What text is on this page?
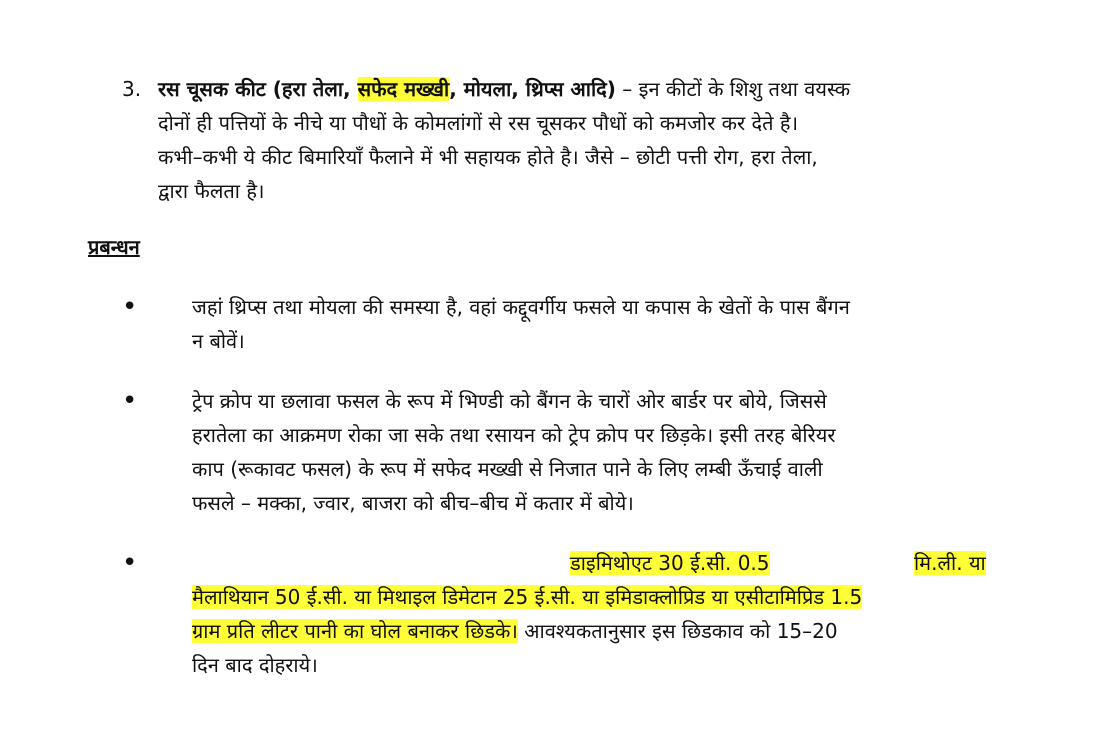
3. रस चूसक कीट (हरा तेला, सफेद मख्खी, मोयला, थ्रिप्स आदि) – इन कीटों के शिशु तथा वयस्क
दोनों ही पत्तियों के नीचे या पौधों के कोमलांगों से रस चूसकर पौधों को कमजोर कर देते है।
कभी–कभी ये कीट बिमारियाँ फैलाने में भी सहायक होते है। जैसे – छोटी पत्ती रोग, हरा तेला,
द्वारा फैलता है।
प्रबन्धन
•	जहां थ्रिप्स तथा मोयला की समस्या है, वहां कद्दूवर्गीय फसले या कपास के खेतों के पास बैंगन
न बोवें।
•	ट्रेप क्रोप या छलावा फसल के रूप में भिण्डी को बैंगन के चारों ओर बार्डर पर बोये, जिससे
हरातेला का आक्रमण रोका जा सके तथा रसायन को ट्रेप क्रोप पर छिड़के। इसी तरह बेरियर
काप (रूकावट फसल) के रूप में सफेद मख्खी से निजात पाने के लिए लम्बी ऊँचाई वाली
फसले – मक्का, ज्वार, बाजरा को बीच–बीच में कतार में बोये।
•	डाइमिथोएट 30 ई.सी. 0.5	मि.ली. या
मैलाथियान 50 ई.सी. या मिथाइल डिमेटान 25 ई.सी. या इमिडाक्लोप्रिड या एसीटामिप्रिड 1.5
ग्राम प्रति लीटर पानी का घोल बनाकर छिडके। आवश्यकतानुसार इस छिडकाव को 15–20
दिन बाद दोहराये।
